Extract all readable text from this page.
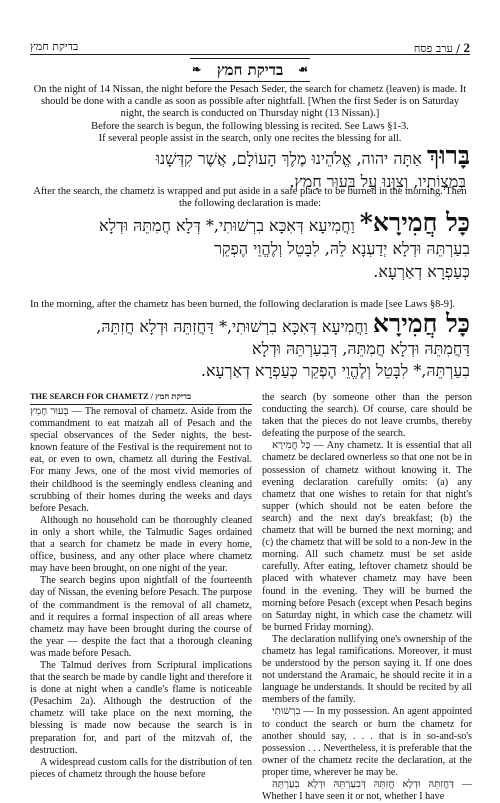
בדיקת חמץ	2 / ערב פסח
❧ בדיקת חמץ ☙
On the night of 14 Nissan, the night before the Pesach Seder, the search for chametz (leaven) is made. It should be done with a candle as soon as possible after nightfall. [When the first Seder is on Saturday night, the search is conducted on Thursday night (13 Nissan).]
Before the search is begun, the following blessing is recited. See Laws §1-3.
If several people assist in the search, only one recites the blessing for all.
בָּרוּךְ אַתָּה יהוה, אֱלֹהֵינוּ מֶלֶךְ הָעוֹלָם, אֲשֶׁר קִדְּשָׁנוּ
בְּמִצְוֹתָיו, וְצִוָּנוּ עַל בִּעוּר חָמֵץ.
After the search, the chametz is wrapped and put aside in a safe place to be burned in the morning. Then the following declaration is made:
כָּל חֲמִירָא* וַחֲמִיעָא דְּאִכָּא בִרְשׁוּתִי,* דְּלָא חֲמִתֵּהּ וּדְלָא
בִעַרְתֵּהּ וּדְלָא יְדַעְנָא לֵהּ, לִבָּטֵל וְלֶהֱוֵי הֶפְקֵר
כְּעַפְרָא דְאַרְעָא.
In the morning, after the chametz has been burned, the following declaration is made [see Laws §8-9].
כָּל חֲמִירָא וַחֲמִיעָא דְּאִכָּא בִרְשׁוּתִי,* דַּחֲזִתֵּהּ וּדְלָא חֲזִתֵּהּ,
דַּחֲמִתֵּהּ וּדְלָא חֲמִתֵּהּ, דְּבִעַרְתֵּהּ וּדְלָא
בִעַרְתֵּהּ,* לִבָּטֵל וְלֶהֱוֵי הֶפְקֵר כְּעַפְרָא דְאַרְעָא.
THE SEARCH FOR CHAMETZ / בדיקת חמץ

בְּעוּר חָמֵץ — The removal of chametz. Aside from the commandment to eat matzah all of Pesach and the special observances of the Seder nights, the best-known feature of the Festival is the requirement not to eat, or even to own, chametz all during the Festival. For many Jews, one of the most vivid memories of their childhood is the seemingly endless cleaning and scrubbing of their homes during the weeks and days before Pesach.

Although no household can be thoroughly cleaned in only a short while, the Talmudic Sages ordained that a search for chametz be made in every home, office, business, and any other place where chametz may have been brought, on one night of the year.

The search begins upon nightfall of the fourteenth day of Nissan, the evening before Pesach. The purpose of the commandment is the removal of all chametz, and it requires a formal inspection of all areas where chametz may have been brought during the course of the year — despite the fact that a thorough cleaning was made before Pesach.

The Talmud derives from Scriptural implications that the search be made by candle light and therefore it is done at night when a candle's flame is noticeable (Pesachim 2a). Although the destruction of the chametz will take place on the next morning, the blessing is made now because the search is in preparation for, and part of the mitzvah of, the destruction.

A widespread custom calls for the distribution of ten pieces of chametz through the house before

the search (by someone other than the person conducting the search). Of course, care should be taken that the pieces do not leave crumbs, thereby defeating the purpose of the search.

כָּל חֲמִירָא — Any chametz. It is essential that all chametz be declared ownerless so that one not be in possession of chametz without knowing it. The evening declaration carefully omits: (a) any chametz that one wishes to retain for that night's supper (which should not be eaten before the search) and the next day's breakfast; (b) the chametz that will be burned the next morning; and (c) the chametz that will be sold to a non-Jew in the morning. All such chametz must be set aside carefully. After eating, leftover chametz should be placed with whatever chametz may have been found in the evening. They will be burned the morning before Pesach (except when Pesach begins on Saturday night, in which case the chametz will be burned Friday morning).

The declaration nullifying one's ownership of the chametz has legal ramifications. Moreover, it must be understood by the person saying it. If one does not understand the Aramaic, he should recite it in a language he understands. It should be recited by all members of the family.

בִרְשׁוּתִי — In my possession. An agent appointed to conduct the search or burn the chametz for another should say, . . . that is in so-and-so's possession . . . Nevertheless, it is preferable that the owner of the chametz recite the declaration, at the proper time, wherever he may be.

דַּחֲזִתֵּהּ וּדְלָא חֲזִתֵּהּ דְּבִעַרְתֵּהּ וּדְלָא בִעַרְתֵּהּ — Whether I have seen it or not, whether I have
